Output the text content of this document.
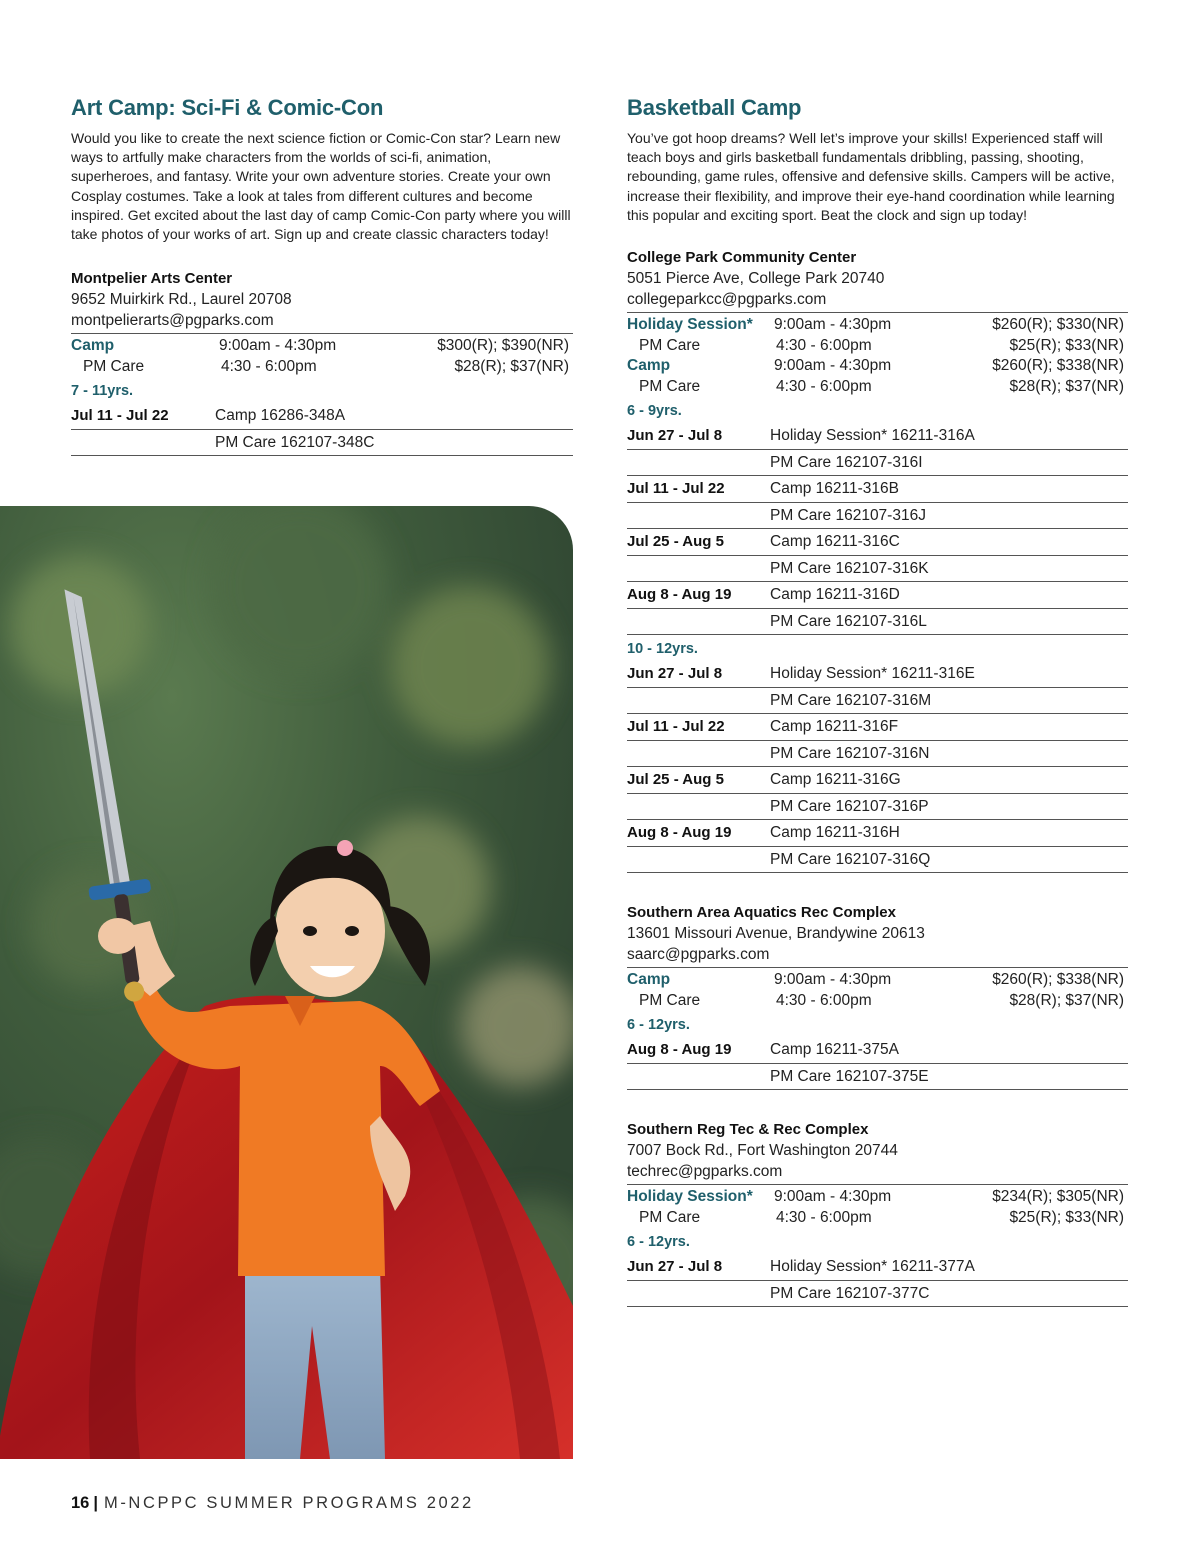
Art Camp: Sci-Fi & Comic-Con

Would you like to create the next science fiction or Comic-Con star? Learn new ways to artfully make characters from the worlds of sci-fi, animation, superheroes, and fantasy. Write your own adventure stories. Create your own Cosplay costumes. Take a look at tales from different cultures and become inspired. Get excited about the last day of camp Comic-Con party where you willl take photos of your works of art. Sign up and create classic characters today!

Montpelier Arts Center
9652 Muirkirk Rd., Laurel 20708
montpelierarts@pgparks.com
Camp	9:00am - 4:30pm	$300(R); $390(NR)
PM Care	4:30 - 6:00pm	$28(R); $37(NR)
7 - 11yrs.
Jul 11 - Jul 22	Camp 16286-348A
PM Care 162107-348C
Basketball Camp

You’ve got hoop dreams? Well let’s improve your skills! Experienced staff will teach boys and girls basketball fundamentals dribbling, passing, shooting, rebounding, game rules, offensive and defensive skills. Campers will be active, increase their flexibility, and improve their eye-hand coordination while learning this popular and exciting sport. Beat the clock and sign up today!

College Park Community Center
5051 Pierce Ave, College Park 20740
collegeparkcc@pgparks.com
Holiday Session* 9:00am - 4:30pm	$260(R); $330(NR)
PM Care	4:30 - 6:00pm	$25(R); $33(NR)
Camp	9:00am - 4:30pm	$260(R); $338(NR)
PM Care	4:30 - 6:00pm	$28(R); $37(NR)
6 - 9yrs.
Jun 27 - Jul 8	Holiday Session* 16211-316A
PM Care 162107-316I
Jul 11 - Jul 22	Camp 16211-316B
PM Care 162107-316J
Jul 25 - Aug 5	Camp 16211-316C
PM Care 162107-316K
Aug 8 - Aug 19 Camp 16211-316D
PM Care 162107-316L
10 - 12yrs.
Jun 27 - Jul 8	Holiday Session* 16211-316E
PM Care 162107-316M
Jul 11 - Jul 22	Camp 16211-316F
PM Care 162107-316N
Jul 25 - Aug 5	Camp 16211-316G
PM Care 162107-316P
Aug 8 - Aug 19 Camp 16211-316H
PM Care 162107-316Q
Southern Area Aquatics Rec Complex
13601 Missouri Avenue, Brandywine 20613
saarc@pgparks.com
Camp	9:00am - 4:30pm	$260(R); $338(NR)
PM Care	4:30 - 6:00pm	$28(R); $37(NR)
6 - 12yrs.
Aug 8 - Aug 19 Camp 16211-375A
PM Care 162107-375E
Southern Reg Tec & Rec Complex
7007 Bock Rd., Fort Washington 20744
techrec@pgparks.com
Holiday Session* 9:00am - 4:30pm	$234(R); $305(NR)
PM Care	4:30 - 6:00pm	$25(R); $33(NR)
6 - 12yrs.
Jun 27 - Jul 8	Holiday Session* 16211-377A
PM Care 162107-377C
16 | M-NCPPC SUMMER PROGRAMS 2022
